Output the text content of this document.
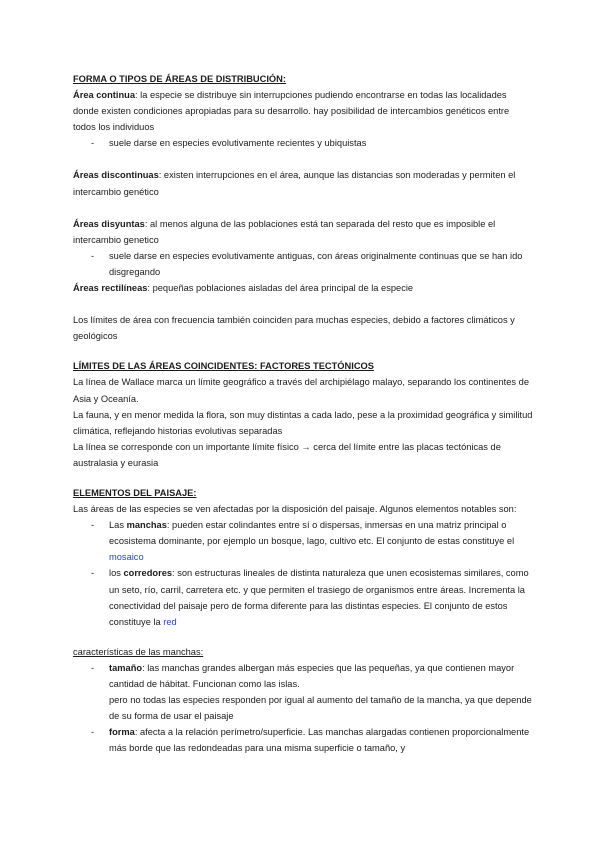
FORMA O TIPOS DE ÁREAS DE DISTRIBUCIÓN:

Área continua: la especie se distribuye sin interrupciones pudiendo encontrarse en todas las localidades donde existen condiciones apropiadas para su desarrollo. hay posibilidad de intercambios genéticos entre todos los individuos

- suele darse en especies evolutivamente recientes y ubiquistas

Áreas discontinuas: existen interrupciones en el área, aunque las distancias son moderadas y permiten el intercambio genético

Áreas disyuntas: al menos alguna de las poblaciones está tan separada del resto que es imposible el intercambio genetico

- suele darse en especies evolutivamente antiguas, con áreas originalmente continuas que se han ido disgregando

Áreas rectilíneas: pequeñas poblaciones aisladas del área principal de la especie

Los límites de área con frecuencia también coinciden para muchas especies, debido a factores climáticos y geológicos

LÍMITES DE LAS ÁREAS COINCIDENTES: FACTORES TECTÓNICOS

La línea de Wallace marca un límite geográfico a través del archipiélago malayo, separando los continentes de Asia y Oceanía.

La fauna, y en menor medida la flora, son muy distintas a cada lado, pese a la proximidad geográfica y similitud climática, reflejando historias evolutivas separadas

La línea se corresponde con un importante límite físico → cerca del límite entre las placas tectónicas de australasia y eurasia

ELEMENTOS DEL PAISAJE:

Las áreas de las especies se ven afectadas por la disposición del paisaje. Algunos elementos notables son:

- Las manchas: pueden estar colindantes entre sí o dispersas, inmersas en una matriz principal o ecosistema dominante, por ejemplo un bosque, lago, cultivo etc. El conjunto de estas constituye el mosaico
- los corredores: son estructuras lineales de distinta naturaleza que unen ecosistemas similares, como un seto, río, carril, carretera etc. y que permiten el trasiego de organismos entre áreas. Incrementa la conectividad del paisaje pero de forma diferente para las distintas especies. El conjunto de estos constituye la red

características de las manchas:

- tamaño: las manchas grandes albergan más especies que las pequeñas, ya que contienen mayor cantidad de hábitat. Funcionan como las islas.
pero no todas las especies responden por igual al aumento del tamaño de la mancha, ya que depende de su forma de usar el paisaje
- forma: afecta a la relación perímetro/superficie. Las manchas alargadas contienen proporcionalmente más borde que las redondeadas para una misma superficie o tamaño, y
